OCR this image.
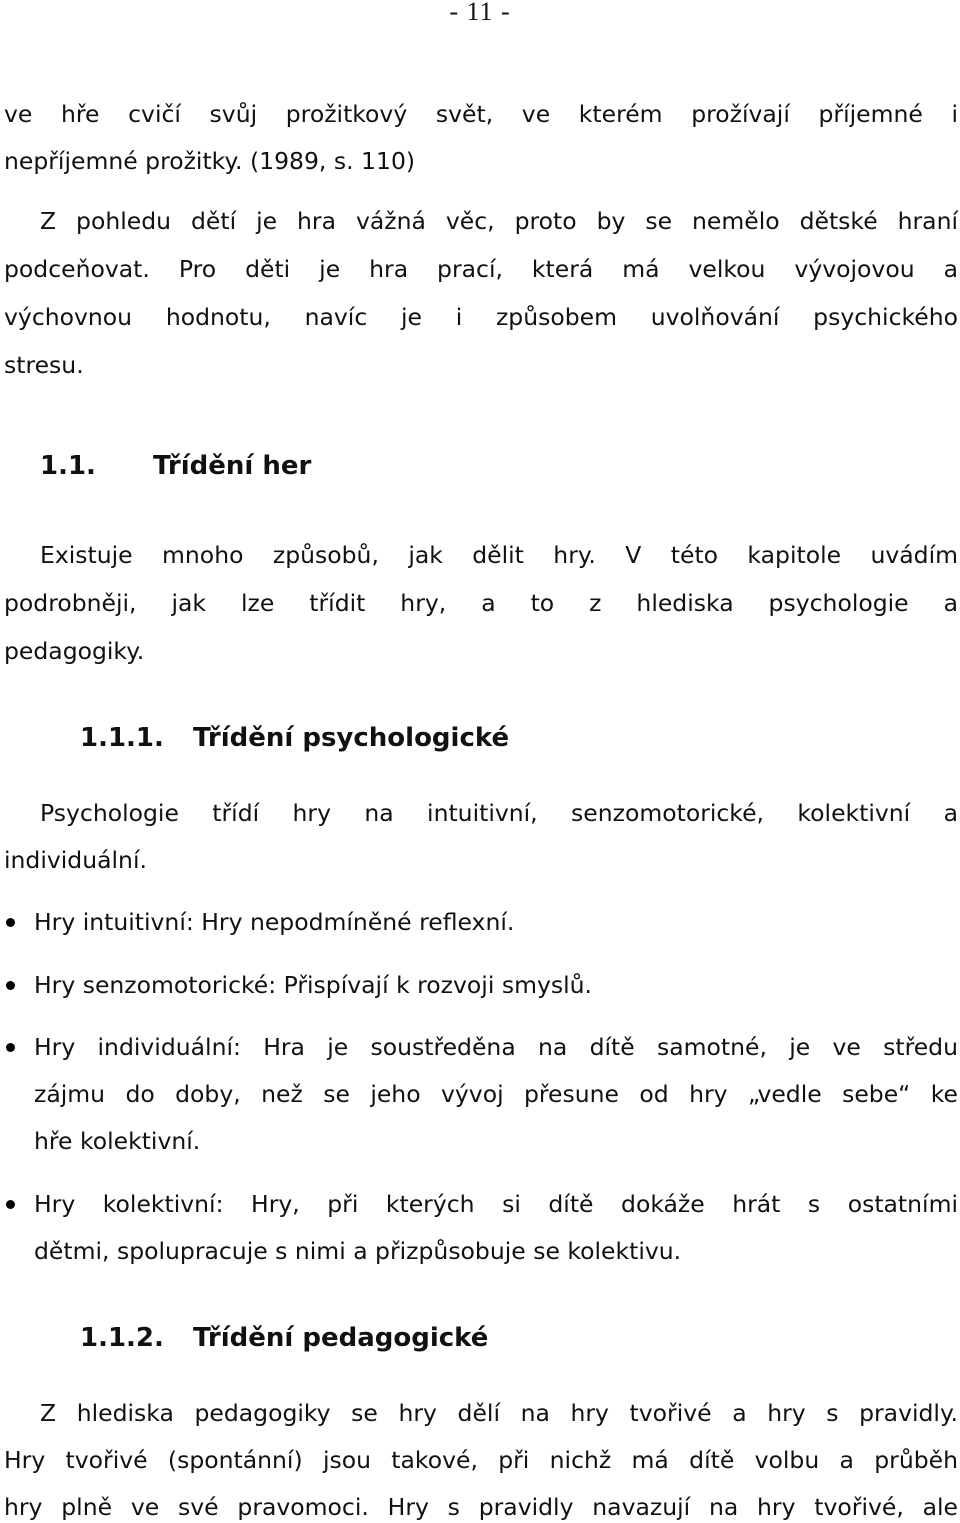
- 11 -

ve hře cvičí svůj prožitkový svět, ve kterém prožívají příjemné i

nepříjemné prožitky. (1989, s. 110)

Z pohledu dětí je hra vážná věc, proto by se nemělo dětské hraní

podceňovat. Pro děti je hra prací, která má velkou vývojovou a

výchovnou hodnotu, navíc je i způsobem uvolňování psychického

stresu.

1.1. Třídění her

Existuje mnoho způsobů, jak dělit hry. V této kapitole uvádím

podrobněji, jak lze třídit hry, a to z hlediska psychologie a

pedagogiky.

1.1.1. Třídění psychologické

Psychologie třídí hry na intuitivní, senzomotorické, kolektivní a

individuální.

Hry intuitivní: Hry nepodmíněné reflexní.

Hry senzomotorické: Přispívají k rozvoji smyslů.

Hry individuální: Hra je soustředěna na dítě samotné, je ve středu

zájmu do doby, než se jeho vývoj přesune od hry „vedle sebe“ ke

hře kolektivní.

Hry kolektivní: Hry, při kterých si dítě dokáže hrát s ostatními

dětmi, spolupracuje s nimi a přizpůsobuje se kolektivu.

1.1.2. Třídění pedagogické

Z hlediska pedagogiky se hry dělí na hry tvořivé a hry s pravidly.

Hry tvořivé (spontánní) jsou takové, při nichž má dítě volbu a průběh

hry plně ve své pravomoci. Hry s pravidly navazují na hry tvořivé, ale
